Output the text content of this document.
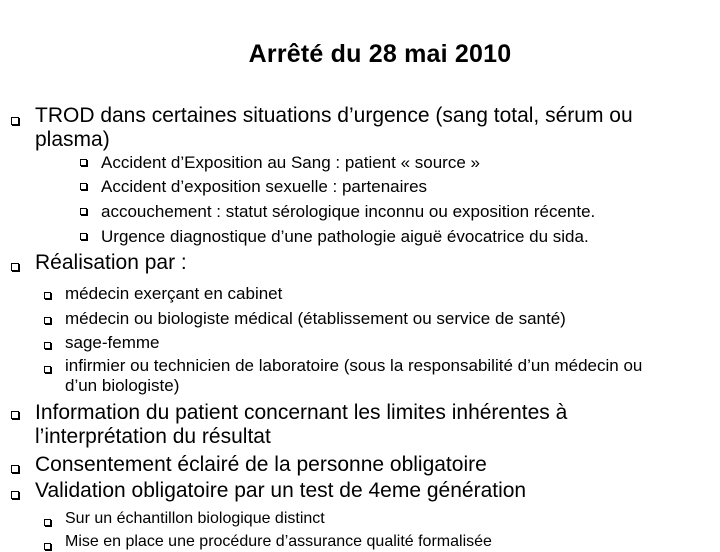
Arrêté du 28 mai 2010
TROD dans certaines situations d’urgence (sang total, sérum ou plasma)
Accident d’Exposition au Sang : patient « source »
Accident d’exposition sexuelle : partenaires
accouchement : statut sérologique inconnu ou exposition récente.
Urgence diagnostique d’une pathologie aiguë évocatrice du sida.
Réalisation par :
médecin exerçant en cabinet
médecin ou biologiste médical (établissement ou service de santé)
sage-femme
infirmier ou technicien de laboratoire (sous la responsabilité d’un médecin ou d’un biologiste)
Information du patient concernant les limites inhérentes à l’interprétation du résultat
Consentement éclairé de la personne obligatoire
Validation obligatoire par un test de 4eme génération
Sur un échantillon biologique distinct
Mise en place une procédure d’assurance qualité formalisée
